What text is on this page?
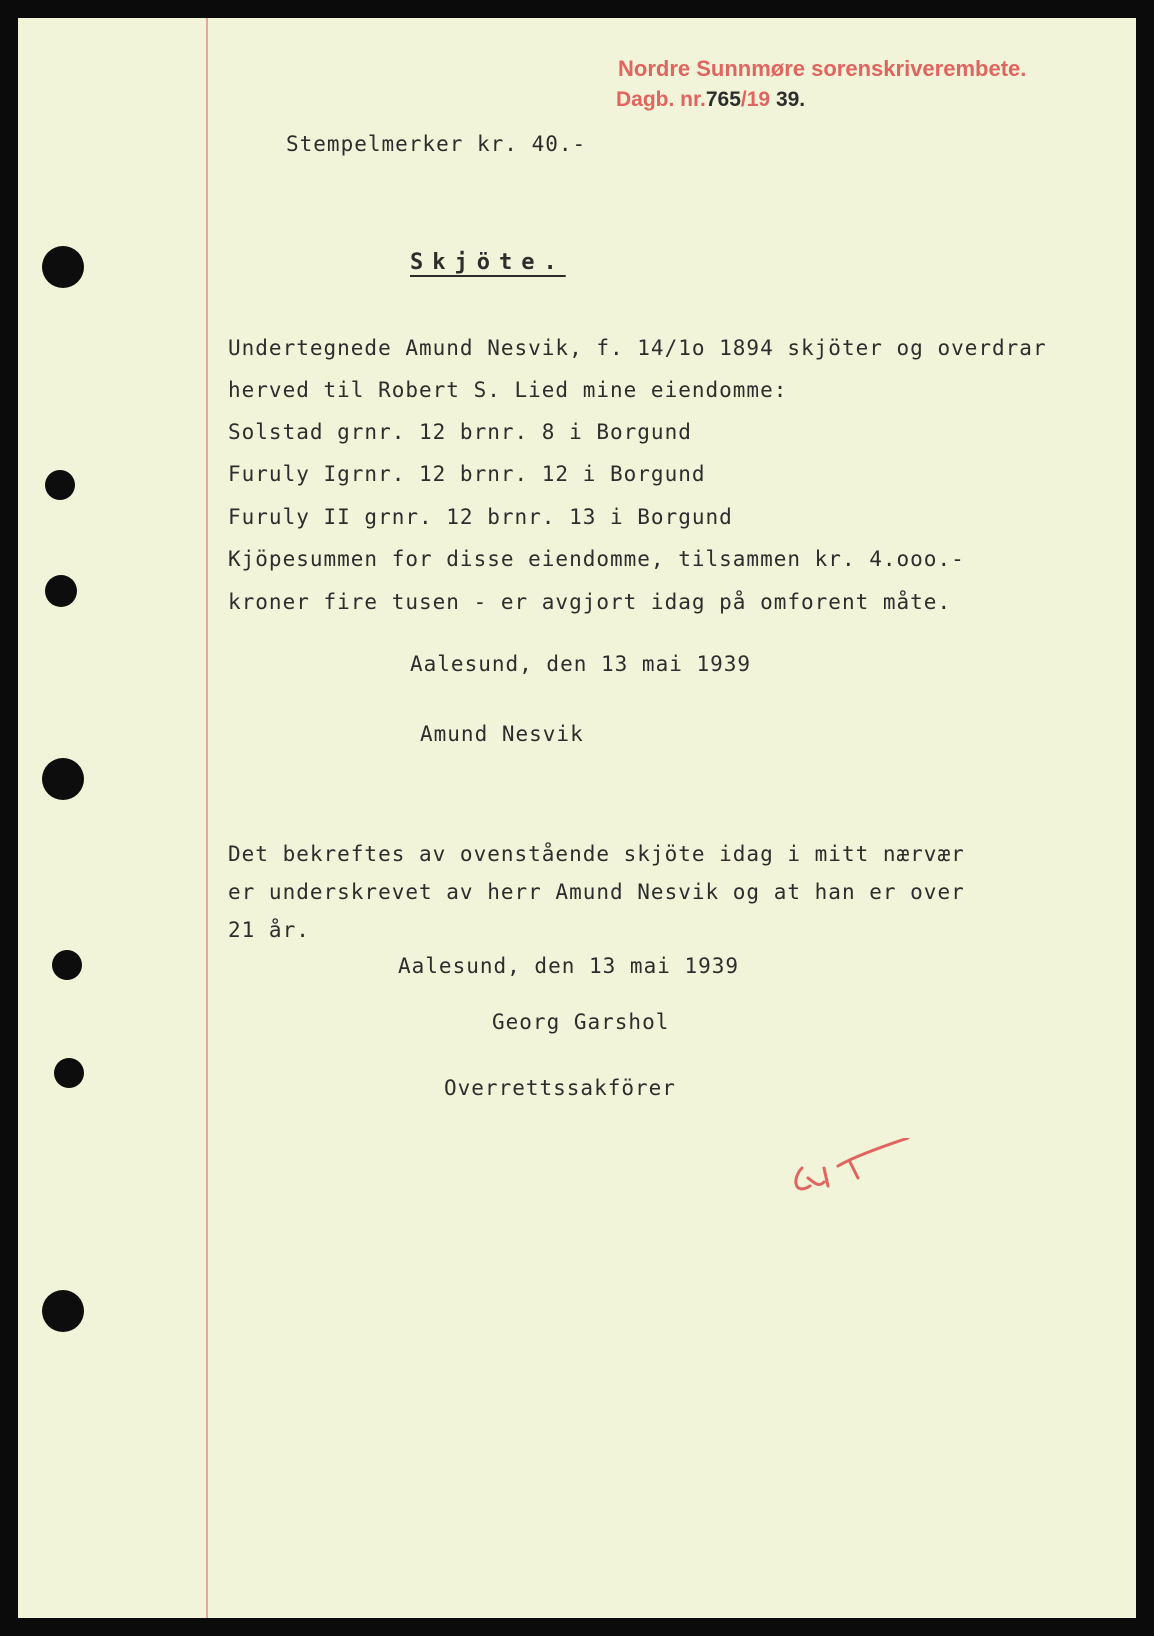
Nordre Sunnmøre sorenskriverembete.
Dagb. nr.765/19 39.
Stempelmerker kr. 40.-
Skjöte.
Undertegnede Amund Nesvik, f. 14/1o 1894 skjöter og overdrar
herved til Robert S. Lied mine eiendomme:
Solstad grnr. 12 brnr. 8 i Borgund
Furuly Igrnr. 12 brnr. 12 i Borgund
Furuly II grnr. 12 brnr. 13 i Borgund
Kjöpesummen for disse eiendomme, tilsammen kr. 4.ooo.-
kroner fire tusen - er avgjort idag på omforent måte.
Aalesund, den 13 mai 1939
Amund Nesvik
Det bekreftes av ovenstående skjöte idag i mitt nærvær
er underskrevet av herr Amund Nesvik og at han er over
21 år.
Aalesund, den 13 mai 1939
Georg Garshol
Overrettssakförer
